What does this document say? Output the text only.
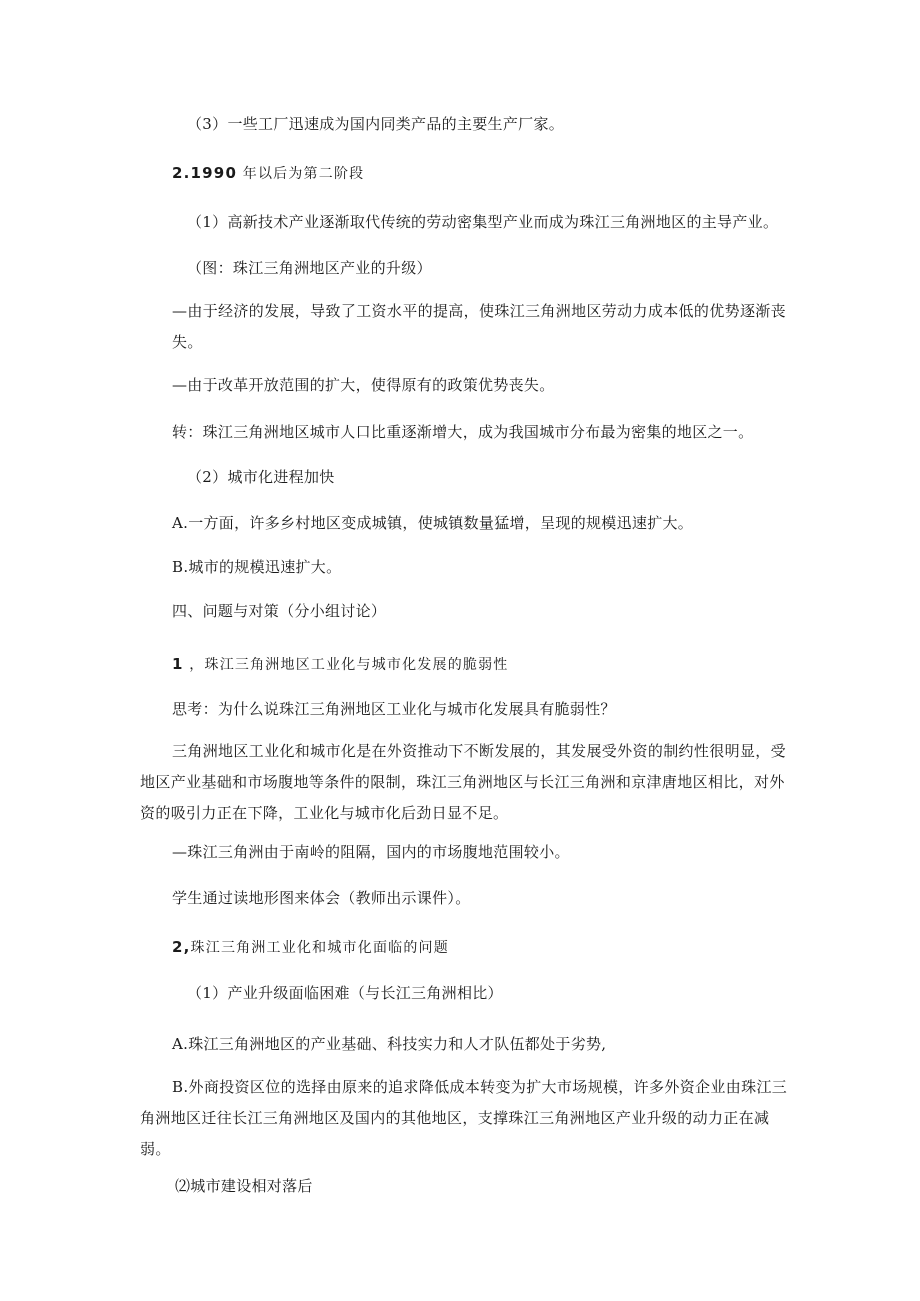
（3）一些工厂迅速成为国内同类产品的主要生产厂家。
2.1990 年以后为第二阶段
（1）高新技术产业逐渐取代传统的劳动密集型产业而成为珠江三角洲地区的主导产业。
（图：珠江三角洲地区产业的升级）
—由于经济的发展，导致了工资水平的提高，使珠江三角洲地区劳动力成本低的优势逐渐丧失。
—由于改革开放范围的扩大，使得原有的政策优势丧失。
转：珠江三角洲地区城市人口比重逐渐增大，成为我国城市分布最为密集的地区之一。
（2）城市化进程加快
A.一方面，许多乡村地区变成城镇，使城镇数量猛增，呈现的规模迅速扩大。
B.城市的规模迅速扩大。
四、问题与对策（分小组讨论）
1 ，珠江三角洲地区工业化与城市化发展的脆弱性
思考：为什么说珠江三角洲地区工业化与城市化发展具有脆弱性？
三角洲地区工业化和城市化是在外资推动下不断发展的，其发展受外资的制约性很明显，受地区产业基础和市场腹地等条件的限制，珠江三角洲地区与长江三角洲和京津唐地区相比，对外资的吸引力正在下降，工业化与城市化后劲日显不足。
—珠江三角洲由于南岭的阻隔，国内的市场腹地范围较小。
学生通过读地形图来体会（教师出示课件）。
2,珠江三角洲工业化和城市化面临的问题
（1）产业升级面临困难（与长江三角洲相比）
A.珠江三角洲地区的产业基础、科技实力和人才队伍都处于劣势,
B.外商投资区位的选择由原来的追求降低成本转变为扩大市场规模，许多外资企业由珠江三角洲地区迁往长江三角洲地区及国内的其他地区，支撑珠江三角洲地区产业升级的动力正在减弱。
⑵城市建设相对落后
